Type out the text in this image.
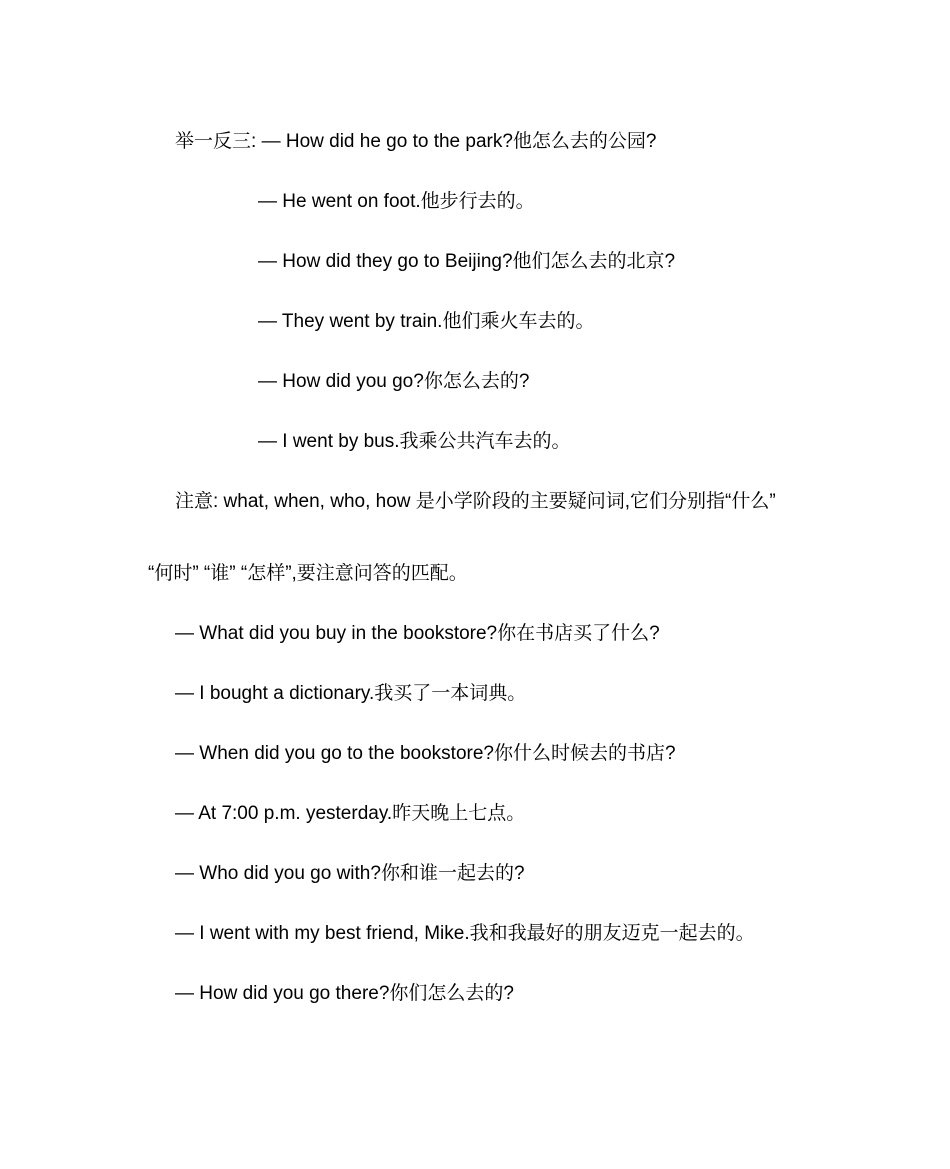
举一反三: — How did he go to the park?他怎么去的公园?

— He went on foot.他步行去的。

— How did they go to Beijing?他们怎么去的北京?

— They went by train.他们乘火车去的。

— How did you go?你怎么去的?

— I went by bus.我乘公共汽车去的。

注意: what, when, who, how 是小学阶段的主要疑问词,它们分别指“什么”

“何时” “谁” “怎样”,要注意问答的匹配。

— What did you buy in the bookstore?你在书店买了什么?

— I bought a dictionary.我买了一本词典。

— When did you go to the bookstore?你什么时候去的书店?

— At 7:00 p.m. yesterday.昨天晚上七点。

— Who did you go with?你和谁一起去的?

— I went with my best friend, Mike.我和我最好的朋友迈克一起去的。

— How did you go there?你们怎么去的?
